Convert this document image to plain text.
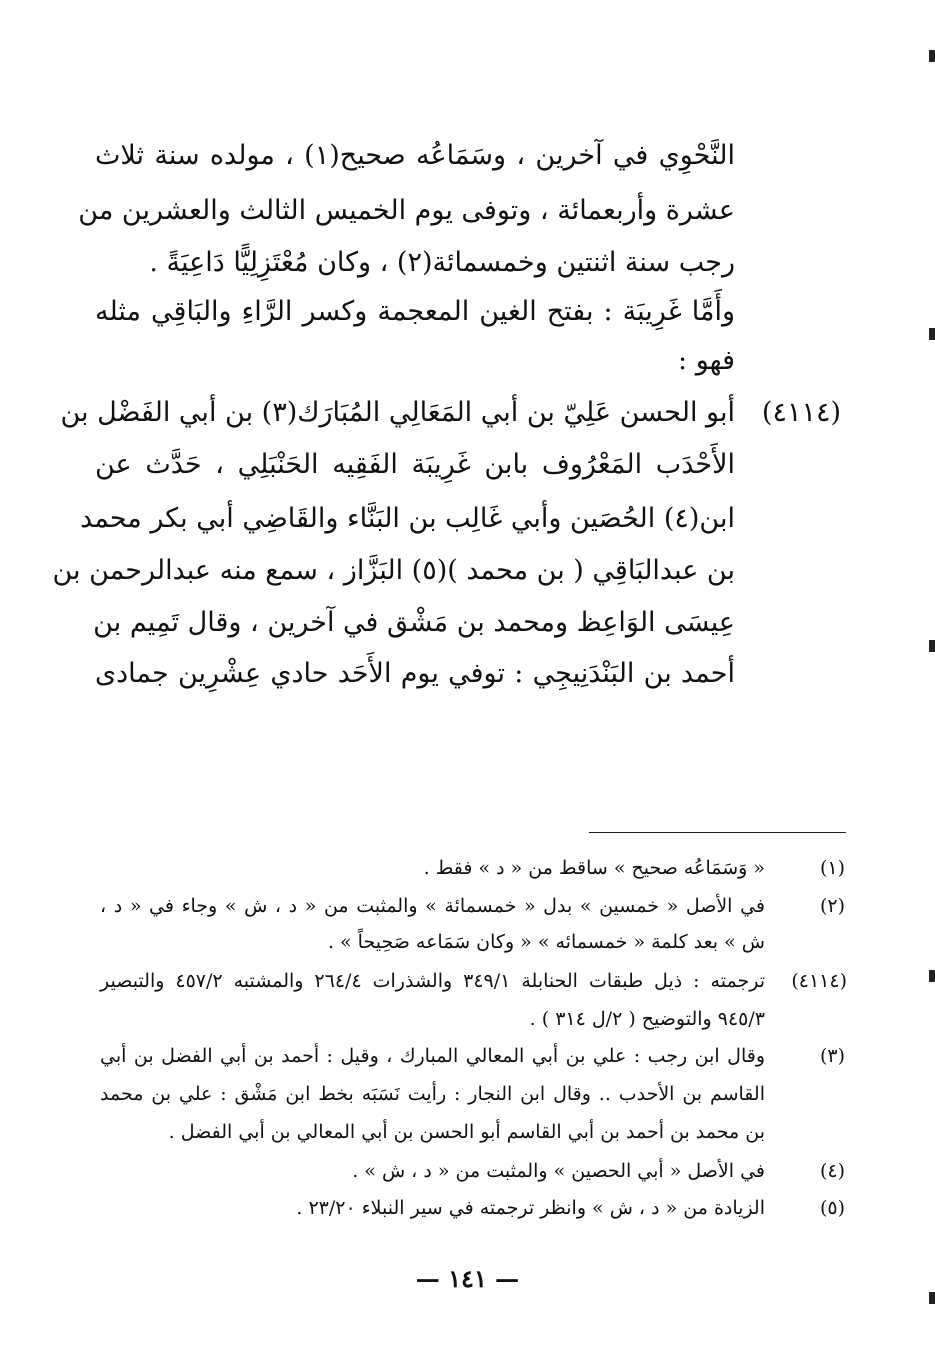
النَّحْوِي في آخرين ، وسَمَاعُه صحيح(١) ، مولده سنة ثلاث
عشرة وأربعمائة ، وتوفى يوم الخميس الثالث والعشرين من
رجب سنة اثنتين وخمسمائة(٢) ، وكان مُعْتَزِلِيًّا دَاعِيَةً .
وأَمَّا غَرِيبَة : بفتح الغين المعجمة وكسر الرَّاءِ والبَاقِي مثله
فهو :
(٤١١٤)
أبو الحسن عَلِيّ بن أبي المَعَالِي المُبَارَك(٣) بن أبي الفَضْل بن
الأَحْدَب المَعْرُوف بابن غَرِيبَة الفَقِيه الحَنْبَلِي ، حَدَّث عن
ابن(٤) الحُصَين وأبي غَالِب بن البَنَّاء والقَاضِي أبي بكر محمد
بن عبدالبَاقِي ( بن محمد )(٥) البَزَّاز ، سمع منه عبدالرحمن بن
عِيسَى الوَاعِظ ومحمد بن مَشْق في آخرين ، وقال تَمِيم بن
أحمد بن البَنْدَنِيجِي : توفي يوم الأَحَد حادي عِشْرِين جمادى
(١)
« وَسَمَاعُه صحيح » ساقط من « د » فقط .
(٢)
في الأصل « خمسين » بدل « خمسمائة » والمثبت من « د ، ش » وجاء في « د ،
ش » بعد كلمة « خمسمائه » « وكان سَمَاعه صَحِيحاً » .
(٤١١٤)
ترجمته : ذيل طبقات الحنابلة ٣٤٩/١ والشذرات ٢٦٤/٤ والمشتبه ٤٥٧/٢ والتبصير
٩٤٥/٣ والتوضيح ( ٢/ل ٣١٤ ) .
(٣)
وقال ابن رجب : علي بن أبي المعالي المبارك ، وقيل : أحمد بن أبي الفضل بن أبي
القاسم بن الأحدب .. وقال ابن النجار : رأيت نَسَبَه بخط ابن مَشْق : علي بن محمد
بن محمد بن أحمد بن أبي القاسم أبو الحسن بن أبي المعالي بن أبي الفضل .
(٤)
في الأصل « أبي الحصين » والمثبت من « د ، ش » .
(٥)
الزيادة من « د ، ش » وانظر ترجمته في سير النبلاء ٢٣/٢٠ .
— ١٤١ —
